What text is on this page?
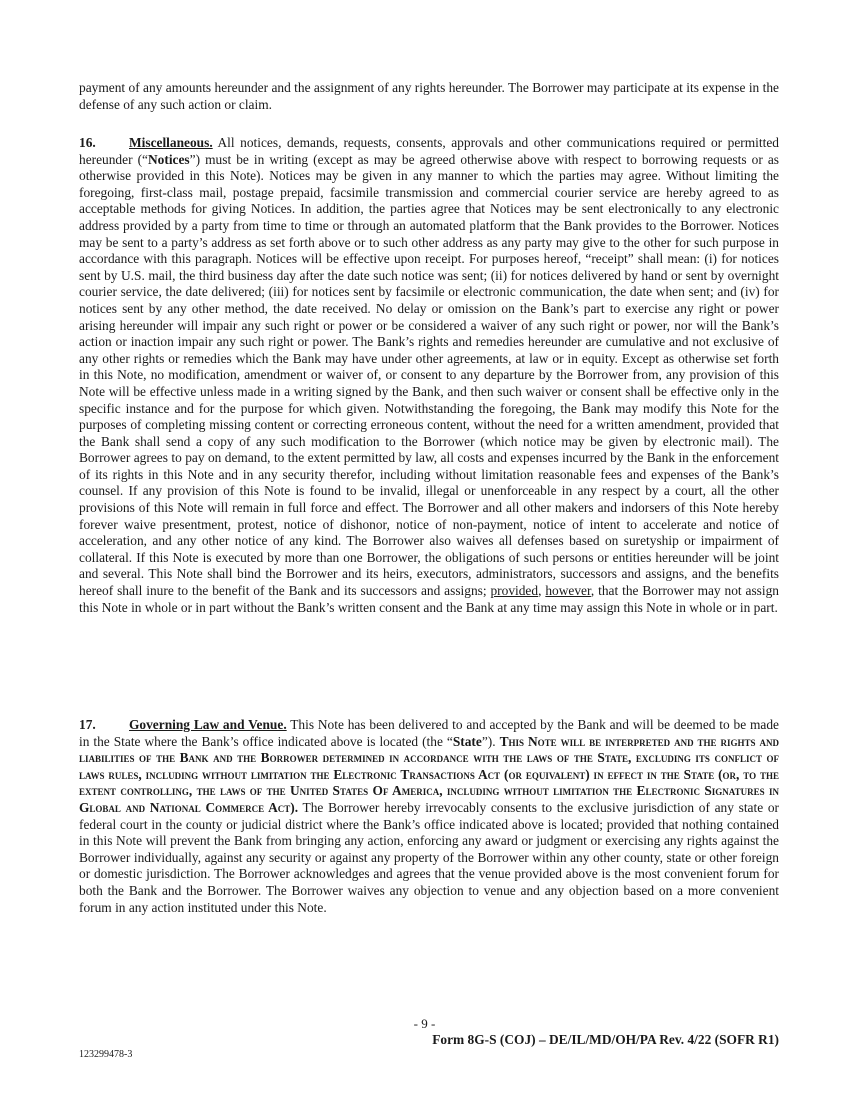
payment of any amounts hereunder and the assignment of any rights hereunder. The Borrower may participate at its expense in the defense of any such action or claim.

16. Miscellaneous. All notices, demands, requests, consents, approvals and other communications required or permitted hereunder (“Notices”) must be in writing (except as may be agreed otherwise above with respect to borrowing requests or as otherwise provided in this Note). Notices may be given in any manner to which the parties may agree. Without limiting the foregoing, first-class mail, postage prepaid, facsimile transmission and commercial courier service are hereby agreed to as acceptable methods for giving Notices. In addition, the parties agree that Notices may be sent electronically to any electronic address provided by a party from time to time or through an automated platform that the Bank provides to the Borrower. Notices may be sent to a party’s address as set forth above or to such other address as any party may give to the other for such purpose in accordance with this paragraph. Notices will be effective upon receipt. For purposes hereof, “receipt” shall mean: (i) for notices sent by U.S. mail, the third business day after the date such notice was sent; (ii) for notices delivered by hand or sent by overnight courier service, the date delivered; (iii) for notices sent by facsimile or electronic communication, the date when sent; and (iv) for notices sent by any other method, the date received. No delay or omission on the Bank’s part to exercise any right or power arising hereunder will impair any such right or power or be considered a waiver of any such right or power, nor will the Bank’s action or inaction impair any such right or power. The Bank’s rights and remedies hereunder are cumulative and not exclusive of any other rights or remedies which the Bank may have under other agreements, at law or in equity. Except as otherwise set forth in this Note, no modification, amendment or waiver of, or consent to any departure by the Borrower from, any provision of this Note will be effective unless made in a writing signed by the Bank, and then such waiver or consent shall be effective only in the specific instance and for the purpose for which given. Notwithstanding the foregoing, the Bank may modify this Note for the purposes of completing missing content or correcting erroneous content, without the need for a written amendment, provided that the Bank shall send a copy of any such modification to the Borrower (which notice may be given by electronic mail). The Borrower agrees to pay on demand, to the extent permitted by law, all costs and expenses incurred by the Bank in the enforcement of its rights in this Note and in any security therefor, including without limitation reasonable fees and expenses of the Bank’s counsel. If any provision of this Note is found to be invalid, illegal or unenforceable in any respect by a court, all the other provisions of this Note will remain in full force and effect. The Borrower and all other makers and indorsers of this Note hereby forever waive presentment, protest, notice of dishonor, notice of non-payment, notice of intent to accelerate and notice of acceleration, and any other notice of any kind. The Borrower also waives all defenses based on suretyship or impairment of collateral. If this Note is executed by more than one Borrower, the obligations of such persons or entities hereunder will be joint and several. This Note shall bind the Borrower and its heirs, executors, administrators, successors and assigns, and the benefits hereof shall inure to the benefit of the Bank and its successors and assigns; provided, however, that the Borrower may not assign this Note in whole or in part without the Bank’s written consent and the Bank at any time may assign this Note in whole or in part.

17. Governing Law and Venue. This Note has been delivered to and accepted by the Bank and will be deemed to be made in the State where the Bank’s office indicated above is located (the “State”). This Note will be interpreted and the rights and liabilities of the Bank and the Borrower determined in accordance with the laws of the State, excluding its conflict of laws rules, including without limitation the Electronic Transactions Act (or equivalent) in effect in the State (or, to the extent controlling, the laws of the United States Of America, including without limitation the Electronic Signatures in Global and National Commerce Act). The Borrower hereby irrevocably consents to the exclusive jurisdiction of any state or federal court in the county or judicial district where the Bank’s office indicated above is located; provided that nothing contained in this Note will prevent the Bank from bringing any action, enforcing any award or judgment or exercising any rights against the Borrower individually, against any security or against any property of the Borrower within any other county, state or other foreign or domestic jurisdiction. The Borrower acknowledges and agrees that the venue provided above is the most convenient forum for both the Bank and the Borrower. The Borrower waives any objection to venue and any objection based on a more convenient forum in any action instituted under this Note.

- 9 -

Form 8G-S (COJ) – DE/IL/MD/OH/PA Rev. 4/22 (SOFR R1)

123299478-3
